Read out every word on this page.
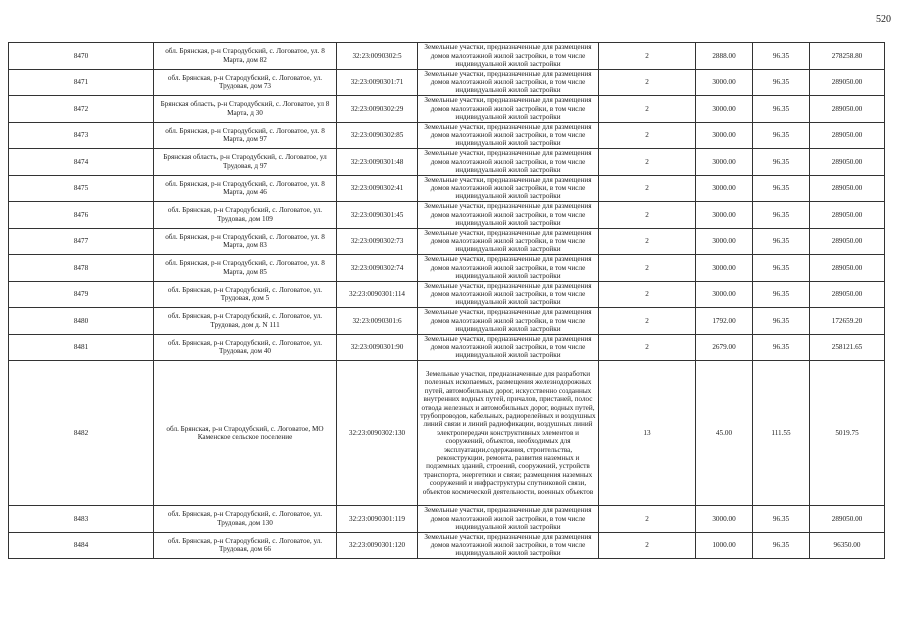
520
8470	обл. Брянская, р-н Стародубский, с. Логоватое, ул. 8 Марта, дом 82	32:23:0090302:5	Земельные участки, предназначенные для размещения домов малоэтажной жилой застройки, в том числе индивидуальной жилой застройки	2	2888.00	96.35	278258.80
8471	обл. Брянская, р-н Стародубский, с. Логоватое, ул. Трудовая, дом 73	32:23:0090301:71	Земельные участки, предназначенные для размещения домов малоэтажной жилой застройки, в том числе индивидуальной жилой застройки	2	3000.00	96.35	289050.00
8472	Брянская область, р-н Стародубский, с. Логоватое, ул 8 Марта, д 30	32:23:0090302:29	Земельные участки, предназначенные для размещения домов малоэтажной жилой застройки, в том числе индивидуальной жилой застройки	2	3000.00	96.35	289050.00
8473	обл. Брянская, р-н Стародубский, с. Логоватое, ул. 8 Марта, дом 97	32:23:0090302:85	Земельные участки, предназначенные для размещения домов малоэтажной жилой застройки, в том числе индивидуальной жилой застройки	2	3000.00	96.35	289050.00
8474	Брянская область, р-н Стародубский, с. Логоватое, ул Трудовая, д 97	32:23:0090301:48	Земельные участки, предназначенные для размещения домов малоэтажной жилой застройки, в том числе индивидуальной жилой застройки	2	3000.00	96.35	289050.00
8475	обл. Брянская, р-н Стародубский, с. Логоватое, ул. 8 Марта, дом 46	32:23:0090302:41	Земельные участки, предназначенные для размещения домов малоэтажной жилой застройки, в том числе индивидуальной жилой застройки	2	3000.00	96.35	289050.00
8476	обл. Брянская, р-н Стародубский, с. Логоватое, ул. Трудовая, дом 109	32:23:0090301:45	Земельные участки, предназначенные для размещения домов малоэтажной жилой застройки, в том числе индивидуальной жилой застройки	2	3000.00	96.35	289050.00
8477	обл. Брянская, р-н Стародубский, с. Логоватое, ул. 8 Марта, дом 83	32:23:0090302:73	Земельные участки, предназначенные для размещения домов малоэтажной жилой застройки, в том числе индивидуальной жилой застройки	2	3000.00	96.35	289050.00
8478	обл. Брянская, р-н Стародубский, с. Логоватое, ул. 8 Марта, дом 85	32:23:0090302:74	Земельные участки, предназначенные для размещения домов малоэтажной жилой застройки, в том числе индивидуальной жилой застройки	2	3000.00	96.35	289050.00
8479	обл. Брянская, р-н Стародубский, с. Логоватое, ул. Трудовая, дом 5	32:23:0090301:114	Земельные участки, предназначенные для размещения домов малоэтажной жилой застройки, в том числе индивидуальной жилой застройки	2	3000.00	96.35	289050.00
8480	обл. Брянская, р-н Стародубский, с. Логоватое, ул. Трудовая, дом д. N 111	32:23:0090301:6	Земельные участки, предназначенные для размещения домов малоэтажной жилой застройки, в том числе индивидуальной жилой застройки	2	1792.00	96.35	172659.20
8481	обл. Брянская, р-н Стародубский, с. Логоватое, ул. Трудовая, дом 40	32:23:0090301:90	Земельные участки, предназначенные для размещения домов малоэтажной жилой застройки, в том числе индивидуальной жилой застройки	2	2679.00	96.35	258121.65
8482	обл. Брянская, р-н Стародубский, с. Логоватое, МО Каменское сельское поселение	32:23:0090302:130	Земельные участки, предназначенные для разработки полезных ископаемых, размещения железнодорожных путей, автомобильных дорог, искусственно созданных внутренних водных путей, причалов, пристаней, полос отвода железных и автомобильных дорог, водных путей, трубопроводов, кабельных, радиорелейных и воздушных линий связи и линий радиофикации, воздушных линий электропередачи конструктивных элементов и сооружений, объектов, необходимых для эксплуатации,содержания, строительства, реконструкции, ремонта, развития наземных и подземных зданий, строений, сооружений, устройств транспорта, энергетики и связи; размещения наземных сооружений и инфраструктуры спутниковой связи, объектов космической деятельности, военных объектов	13	45.00	111.55	5019.75
8483	обл. Брянская, р-н Стародубский, с. Логоватое, ул. Трудовая, дом 130	32:23:0090301:119	Земельные участки, предназначенные для размещения домов малоэтажной жилой застройки, в том числе индивидуальной жилой застройки	2	3000.00	96.35	289050.00
8484	обл. Брянская, р-н Стародубский, с. Логоватое, ул. Трудовая, дом 66	32:23:0090301:120	Земельные участки, предназначенные для размещения домов малоэтажной жилой застройки, в том числе индивидуальной жилой застройки	2	1000.00	96.35	96350.00
